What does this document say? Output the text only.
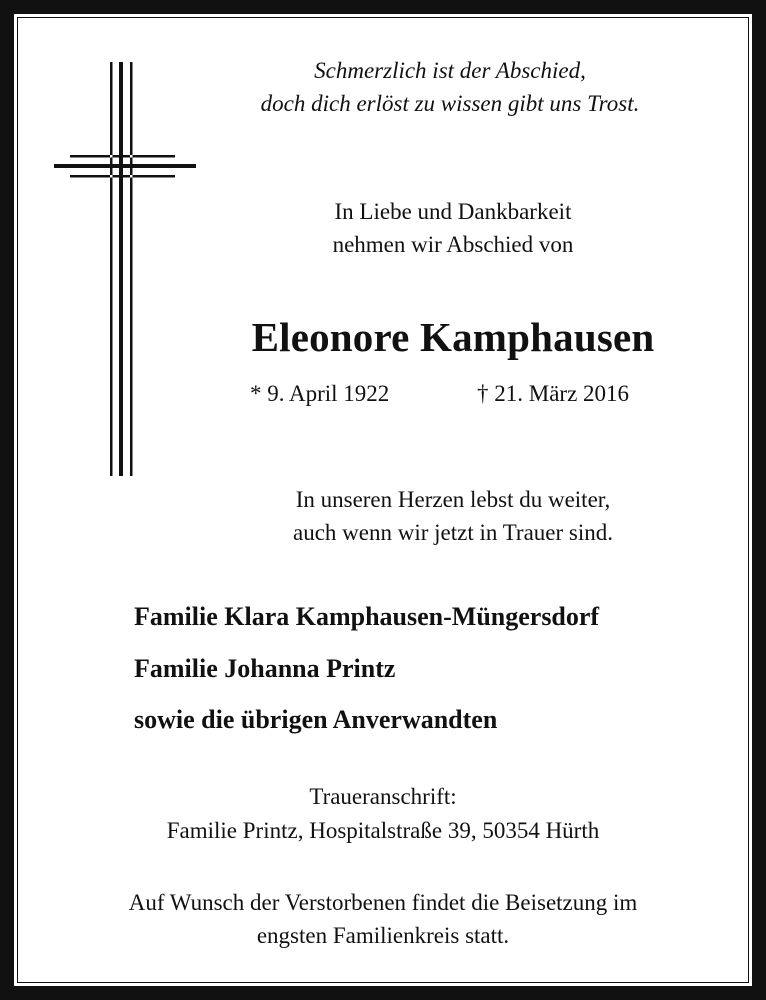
Schmerzlich ist der Abschied,
doch dich erlöst zu wissen gibt uns Trost.
In Liebe und Dankbarkeit
nehmen wir Abschied von
Eleonore Kamphausen
* 9. April 1922	† 21. März 2016
In unseren Herzen lebst du weiter,
auch wenn wir jetzt in Trauer sind.
Familie Klara Kamphausen-Müngersdorf
Familie Johanna Printz
sowie die übrigen Anverwandten
Traueranschrift:
Familie Printz, Hospitalstraße 39, 50354 Hürth
Auf Wunsch der Verstorbenen findet die Beisetzung im
engsten Familienkreis statt.
